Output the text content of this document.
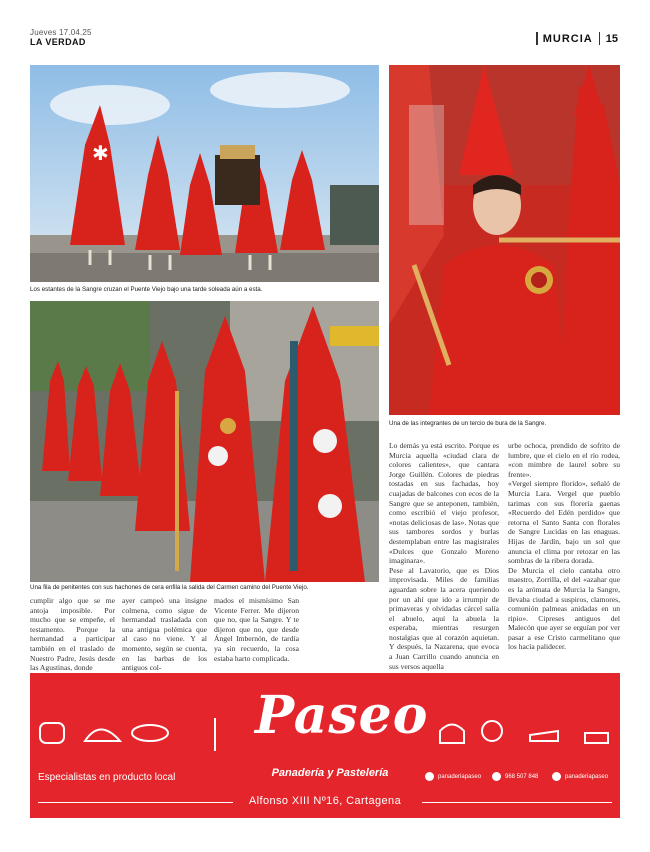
Jueves 17.04.25
LA VERDAD	MURCIA 15
✱
Los estantes de la Sangre cruzan el Puente Viejo bajo una tarde soleada aún a esta.
Una de las integrantes de un tercio de bura de la Sangre.
Una fila de penitentes con sus hachones de cera enfila la salida del Carmen camino del Puente Viejo.

cumplir algo que se me antoja imposible. Por mucho que se empeñe, el testamento. Porque la hermandad a participar también en el traslado de Nuestro Padre, Jesús desde las Agustinas, donde

ayer campeó una insigne colmena, como sigue de hermandad trasladada con una antigua polémica que al caso no viene. Y al momento, según se cuenta, en las barbas de los antiguos col-

mados el mismísimo San Vicente Ferrer. Me dijeron que no, que la Sangre. Y te dijeron que no, que desde Ángel Imbernón, de tardía ya sin recuerdo, la cosa estaba harto complicada.

Lo demás ya está escrito. Porque es Murcia aquella «ciudad clara de colores calientes», que cantara Jorge Guillén. Colores de piedras tostadas en sus fachadas, hoy cuajadas de balcones con ecos de la Sangre que se anteponen, también, como escribió el viejo profesor, «notas deliciosas de las». Notas que sus tambores sordos y burlas destemplaban entre las magistrales «Dulces que Gonzalo Moreno imaginara».

Pese al Lavatorio, que es Dios improvisada. Miles de familias aguardan sobre la acera queriendo por un ahí que ido a irrumpir de primaveras y olvidadas cárcel salía el abuelo, aquí la abuela la esperaba, mientras resurgen nostalgias que al corazón aquietan. Y después, la Nazarena, que evoca a Juan Carrillo cuando anuncia en sus versos aquella

urbe ochoca, prendido de sofrito de lumbre, que el cielo en el río rodea, «con mimbre de laurel sobre su frente».

«Vergel siempre florido», señaló de Murcia Lara. Vergel que pueblo tarimas con sus florería gaenas «Recuerdo del Edén perdido» que retorna el Santo Santa con florales de Sangre Lucidas en las enaguas. Hijas de Jardín, bajo un sol que anuncia el clima por retozar en las sombras de la ribera dorada.

De Murcia el cielo cantaba otro maestro, Zorrilla, el del «azahar que es la arómata de Murcia la Sangre, llevaba ciudad a suspiros, clamores, comunión palmeas anidadas en un ripio». Cipreses antiguos del Malecón que ayer se erguían por ver pasar a ese Cristo carmelitano que los hacía palidecer.

Paseo
Panadería y Pastelería
Especialistas en producto local	panaderiapaseo	968 507 848	panaderiapaseo
Alfonso XIII Nº16, Cartagena
